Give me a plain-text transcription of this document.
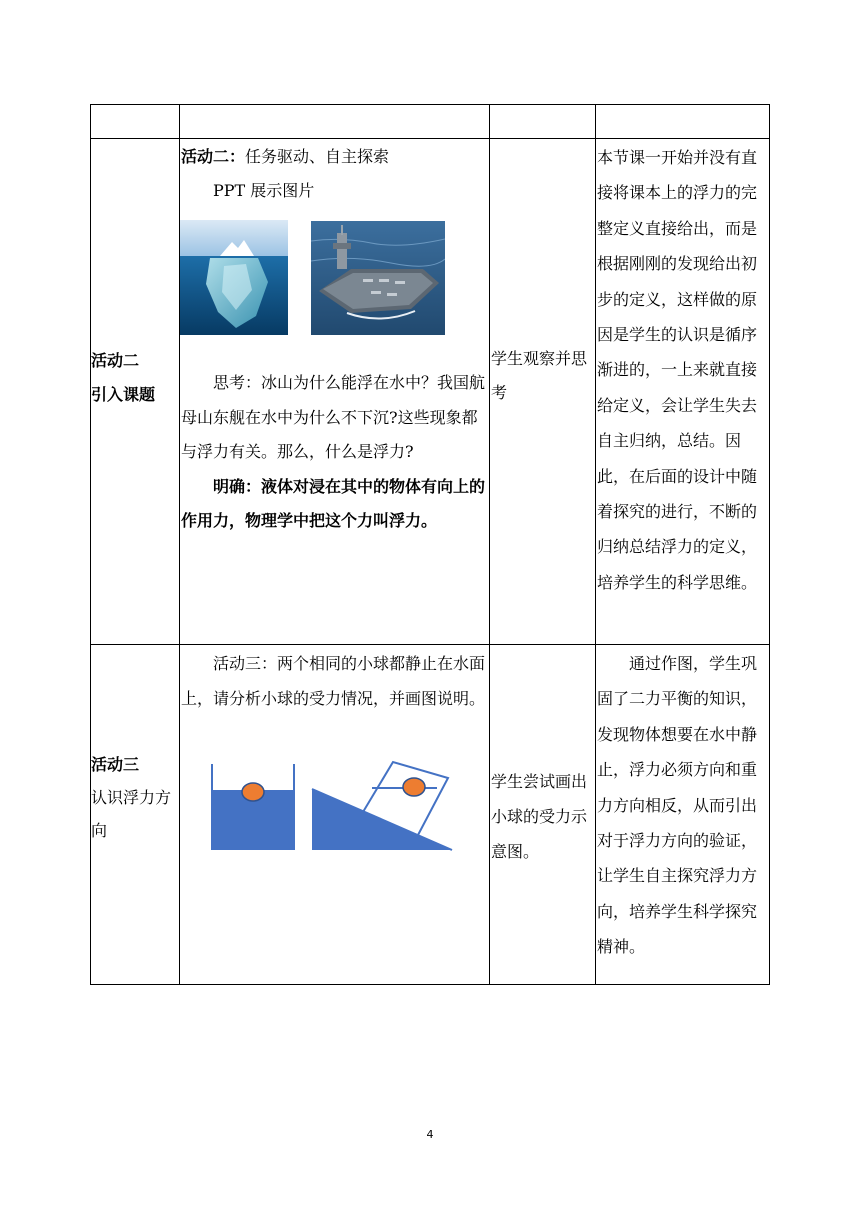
活动二
引入课题
活动二：任务驱动、自主探索
PPT 展示图片
思考：冰山为什么能浮在水中？我国航母山东舰在水中为什么不下沉?这些现象都与浮力有关。那么，什么是浮力?
明确：液体对浸在其中的物体有向上的作用力，物理学中把这个力叫浮力。
学生观察并思考
本节课一开始并没有直接将课本上的浮力的完整定义直接给出，而是根据刚刚的发现给出初步的定义，这样做的原因是学生的认识是循序渐进的，一上来就直接给定义，会让学生失去自主归纳，总结。因此，在后面的设计中随着探究的进行，不断的归纳总结浮力的定义，培养学生的科学思维。
活动三
认识浮力方向
活动三：两个相同的小球都静止在水面上，请分析小球的受力情况，并画图说明。
学生尝试画出小球的受力示意图。
通过作图，学生巩固了二力平衡的知识，发现物体想要在水中静止，浮力必须方向和重力方向相反，从而引出对于浮力方向的验证，让学生自主探究浮力方向，培养学生科学探究精神。
4
